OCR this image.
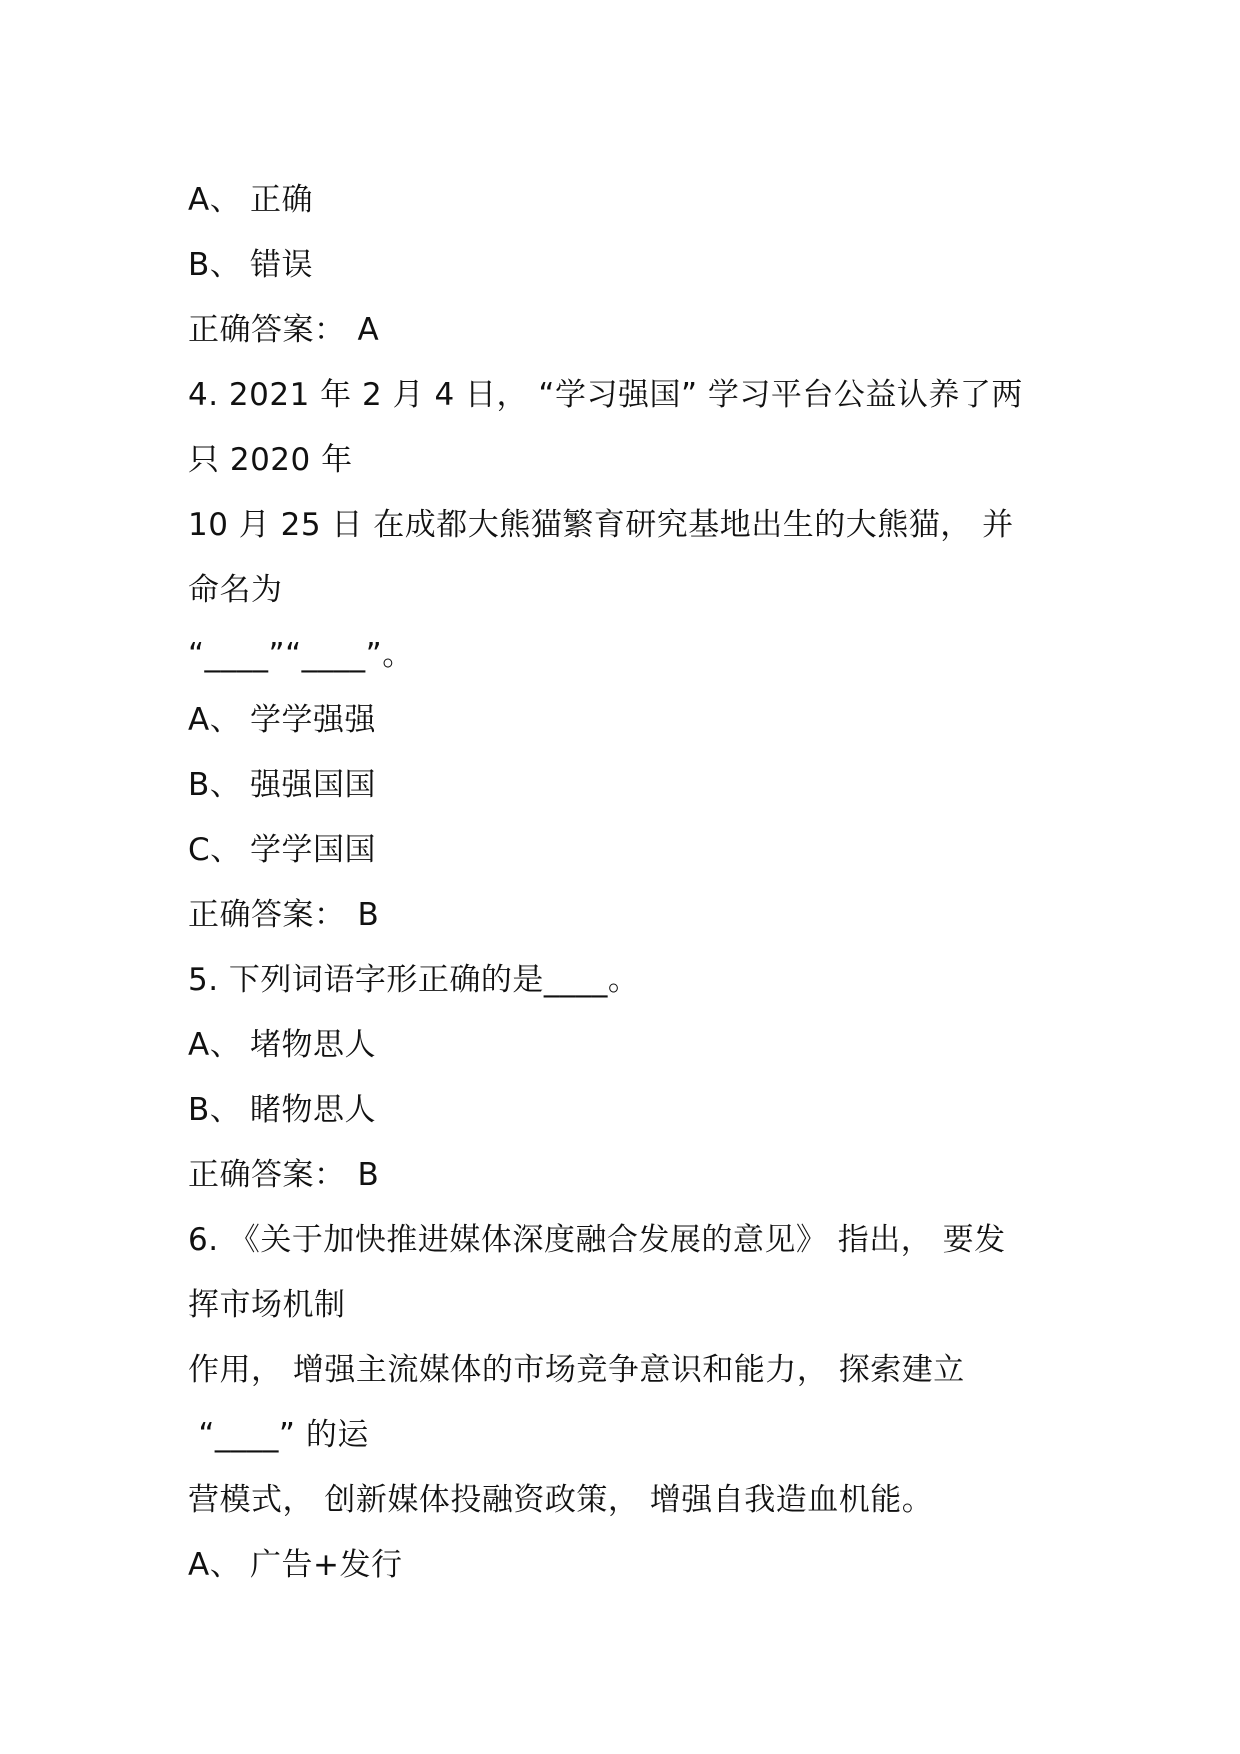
A、 正确
B、 错误
正确答案： A
4. 2021 年 2 月 4 日， “学习强国” 学习平台公益认养了两
只 2020 年
10 月 25 日 在成都大熊猫繁育研究基地出生的大熊猫， 并
命名为
“____”“____”。
A、 学学强强
B、 强强国国
C、 学学国国
正确答案： B
5. 下列词语字形正确的是____。
A、 堵物思人
B、 睹物思人
正确答案： B
6. 《关于加快推进媒体深度融合发展的意见》 指出， 要发
挥市场机制
作用， 增强主流媒体的市场竞争意识和能力， 探索建立
“____” 的运
营模式， 创新媒体投融资政策， 增强自我造血机能。
A、 广告+发行
